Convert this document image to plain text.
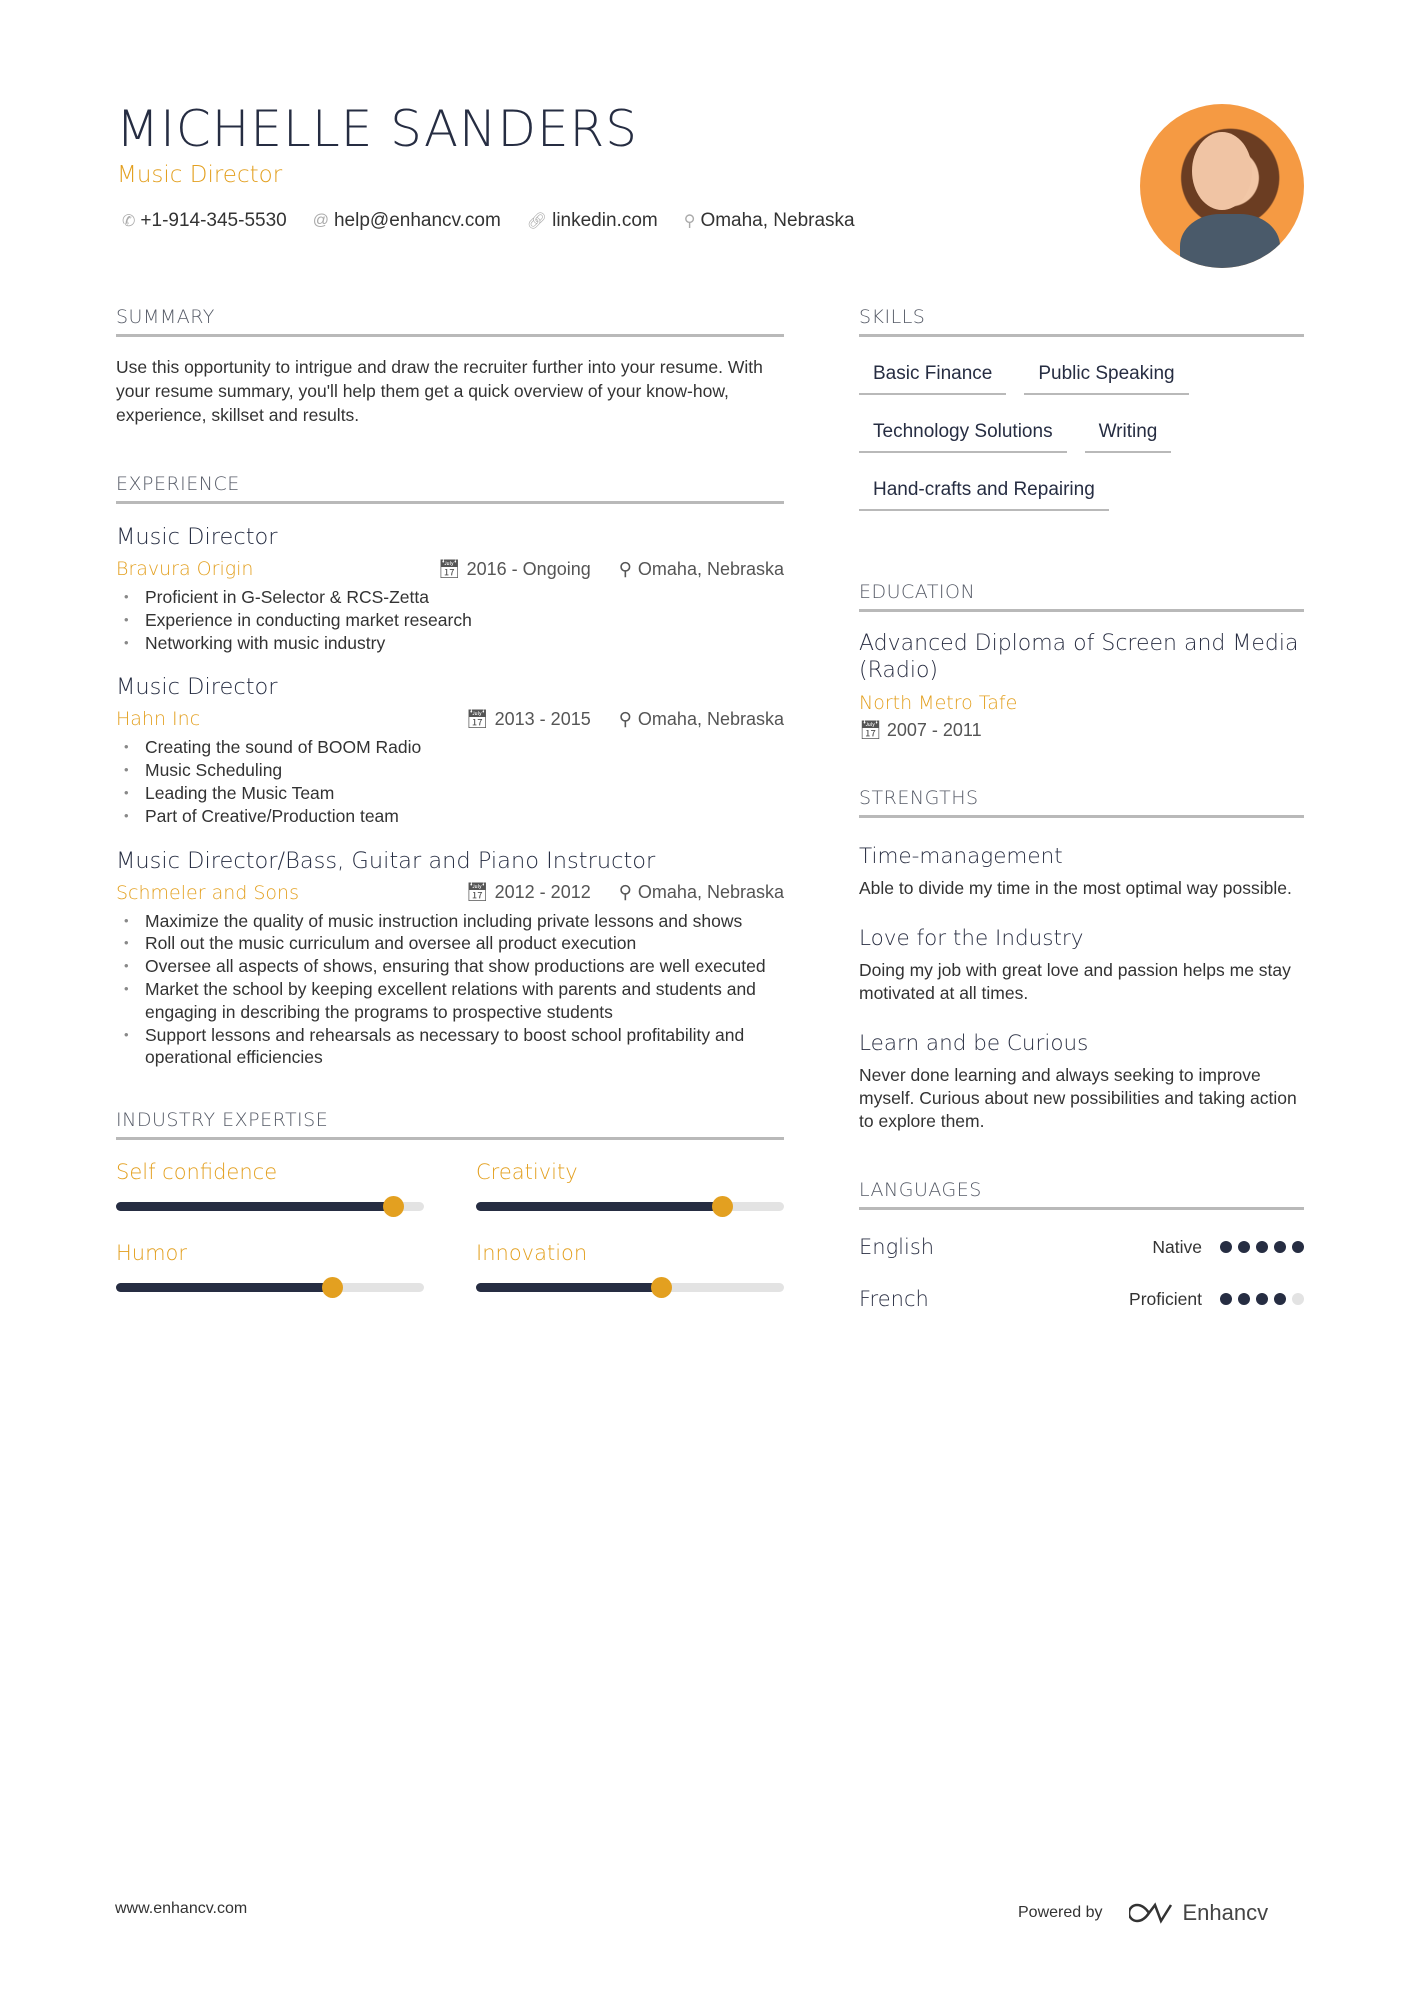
MICHELLE SANDERS
Music Director
✆ +1-914-345-5530 @ help@enhancv.com 🔗︎ linkedin.com ⚲ Omaha, Nebraska
SUMMARY
Use this opportunity to intrigue and draw the recruiter further into your resume. With your resume summary, you'll help them get a quick overview of your know-how, experience, skillset and results.
EXPERIENCE
Music Director
Bravura Origin	📅︎ 2016 - Ongoing ⚲ Omaha, Nebraska
• Proficient in G-Selector & RCS-Zetta
• Experience in conducting market research
• Networking with music industry
Music Director
Hahn Inc	📅︎ 2013 - 2015 ⚲ Omaha, Nebraska
• Creating the sound of BOOM Radio
• Music Scheduling
• Leading the Music Team
• Part of Creative/Production team
Music Director/Bass, Guitar and Piano Instructor
Schmeler and Sons	📅︎ 2012 - 2012 ⚲ Omaha, Nebraska
• Maximize the quality of music instruction including private lessons and shows
• Roll out the music curriculum and oversee all product execution
• Oversee all aspects of shows, ensuring that show productions are well executed
• Market the school by keeping excellent relations with parents and students and engaging in describing the programs to prospective students
• Support lessons and rehearsals as necessary to boost school profitability and operational efficiencies
INDUSTRY EXPERTISE
Self confidence	Creativity
Humor	Innovation
SKILLS
Basic Finance	Public Speaking
Technology Solutions	Writing
Hand-crafts and Repairing
EDUCATION
Advanced Diploma of Screen and Media (Radio)
North Metro Tafe
📅︎ 2007 - 2011
STRENGTHS
Time-management
Able to divide my time in the most optimal way possible.
Love for the Industry
Doing my job with great love and passion helps me stay motivated at all times.
Learn and be Curious
Never done learning and always seeking to improve myself. Curious about new possibilities and taking action to explore them.
LANGUAGES
English	Native
French	Proficient
www.enhancv.com	Powered by	Enhancv
